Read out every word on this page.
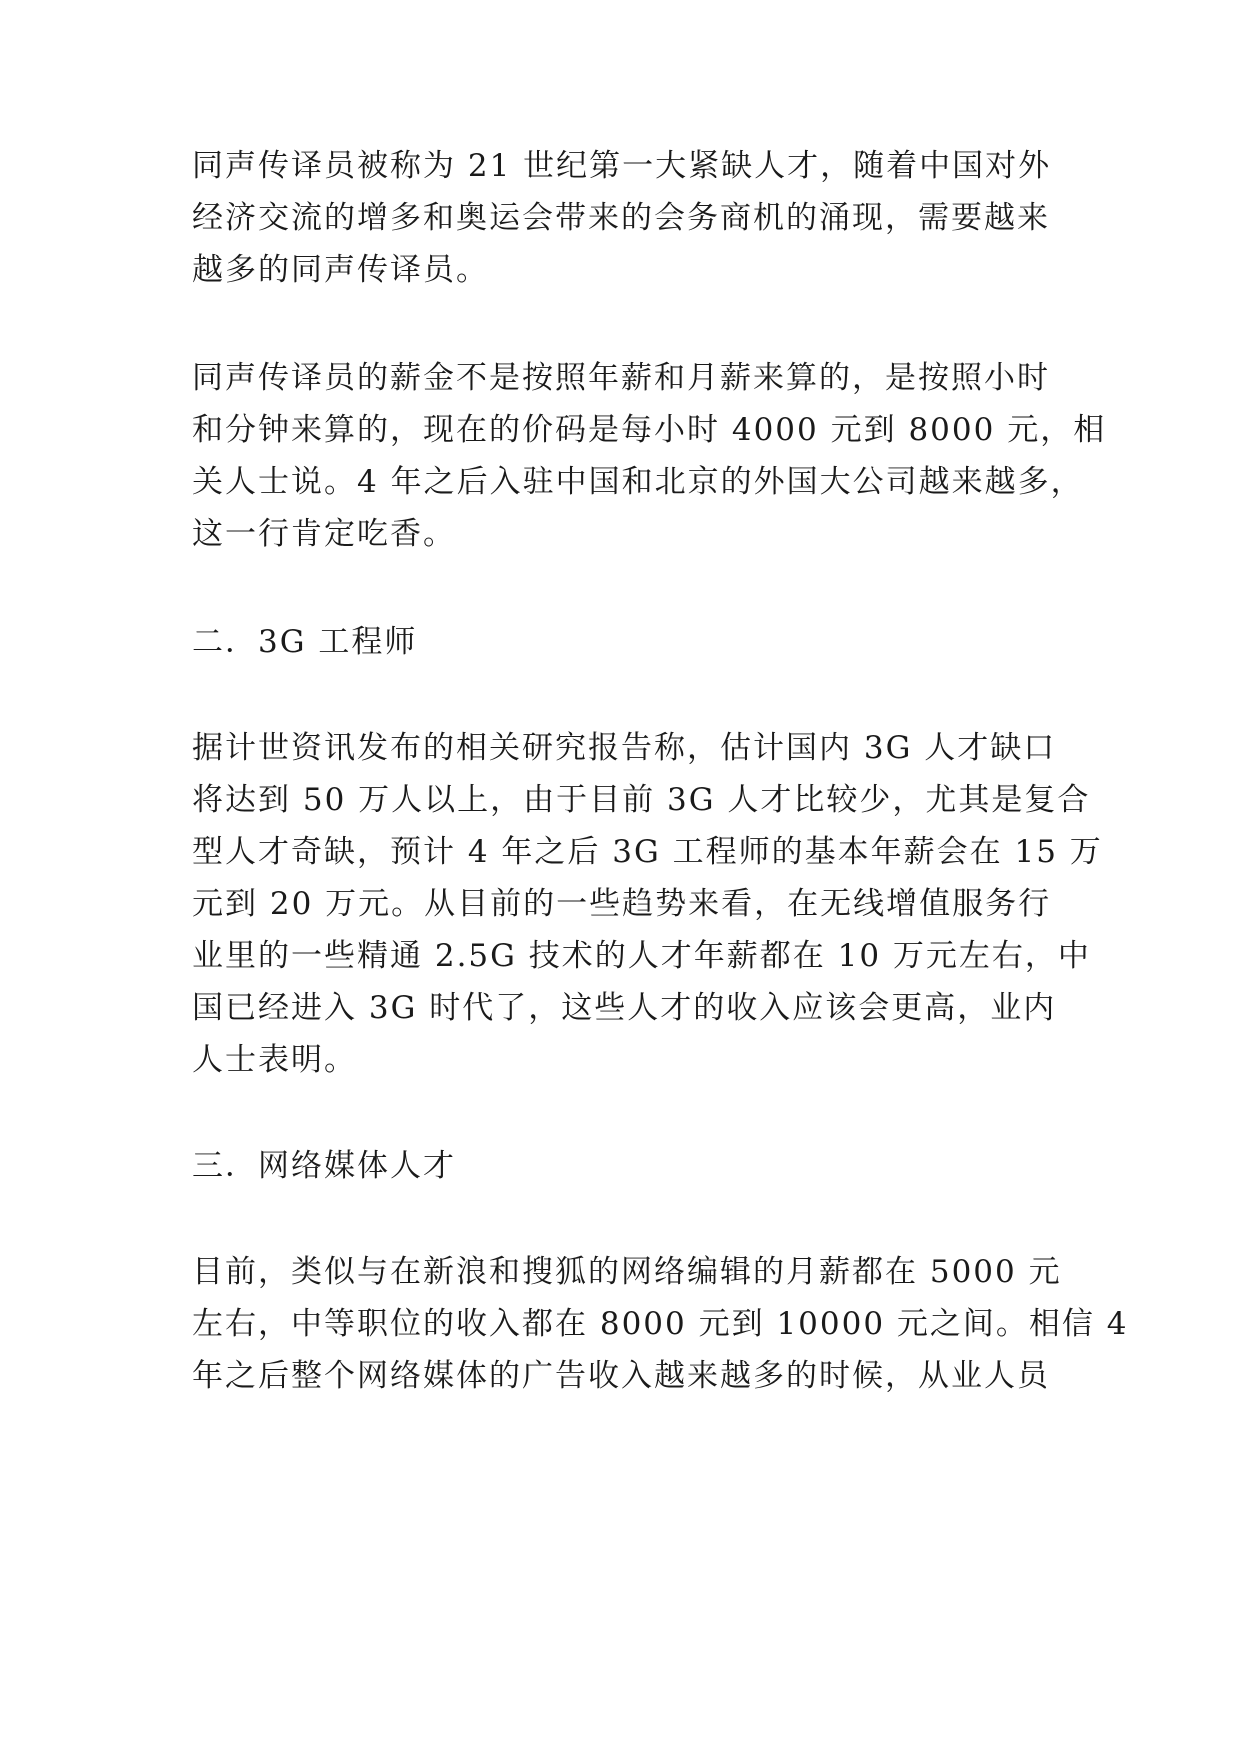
同声传译员被称为 21 世纪第一大紧缺人才，随着中国对外
经济交流的增多和奥运会带来的会务商机的涌现，需要越来
越多的同声传译员。
同声传译员的薪金不是按照年薪和月薪来算的，是按照小时
和分钟来算的，现在的价码是每小时 4000 元到 8000 元，相
关人士说。4 年之后入驻中国和北京的外国大公司越来越多，
这一行肯定吃香。
二．3G 工程师
据计世资讯发布的相关研究报告称，估计国内 3G 人才缺口
将达到 50 万人以上，由于目前 3G 人才比较少，尤其是复合
型人才奇缺，预计 4 年之后 3G 工程师的基本年薪会在 15 万
元到 20 万元。从目前的一些趋势来看，在无线增值服务行
业里的一些精通 2.5G 技术的人才年薪都在 10 万元左右，中
国已经进入 3G 时代了，这些人才的收入应该会更高，业内
人士表明。
三．网络媒体人才
目前，类似与在新浪和搜狐的网络编辑的月薪都在 5000 元
左右，中等职位的收入都在 8000 元到 10000 元之间。相信 4
年之后整个网络媒体的广告收入越来越多的时候，从业人员
